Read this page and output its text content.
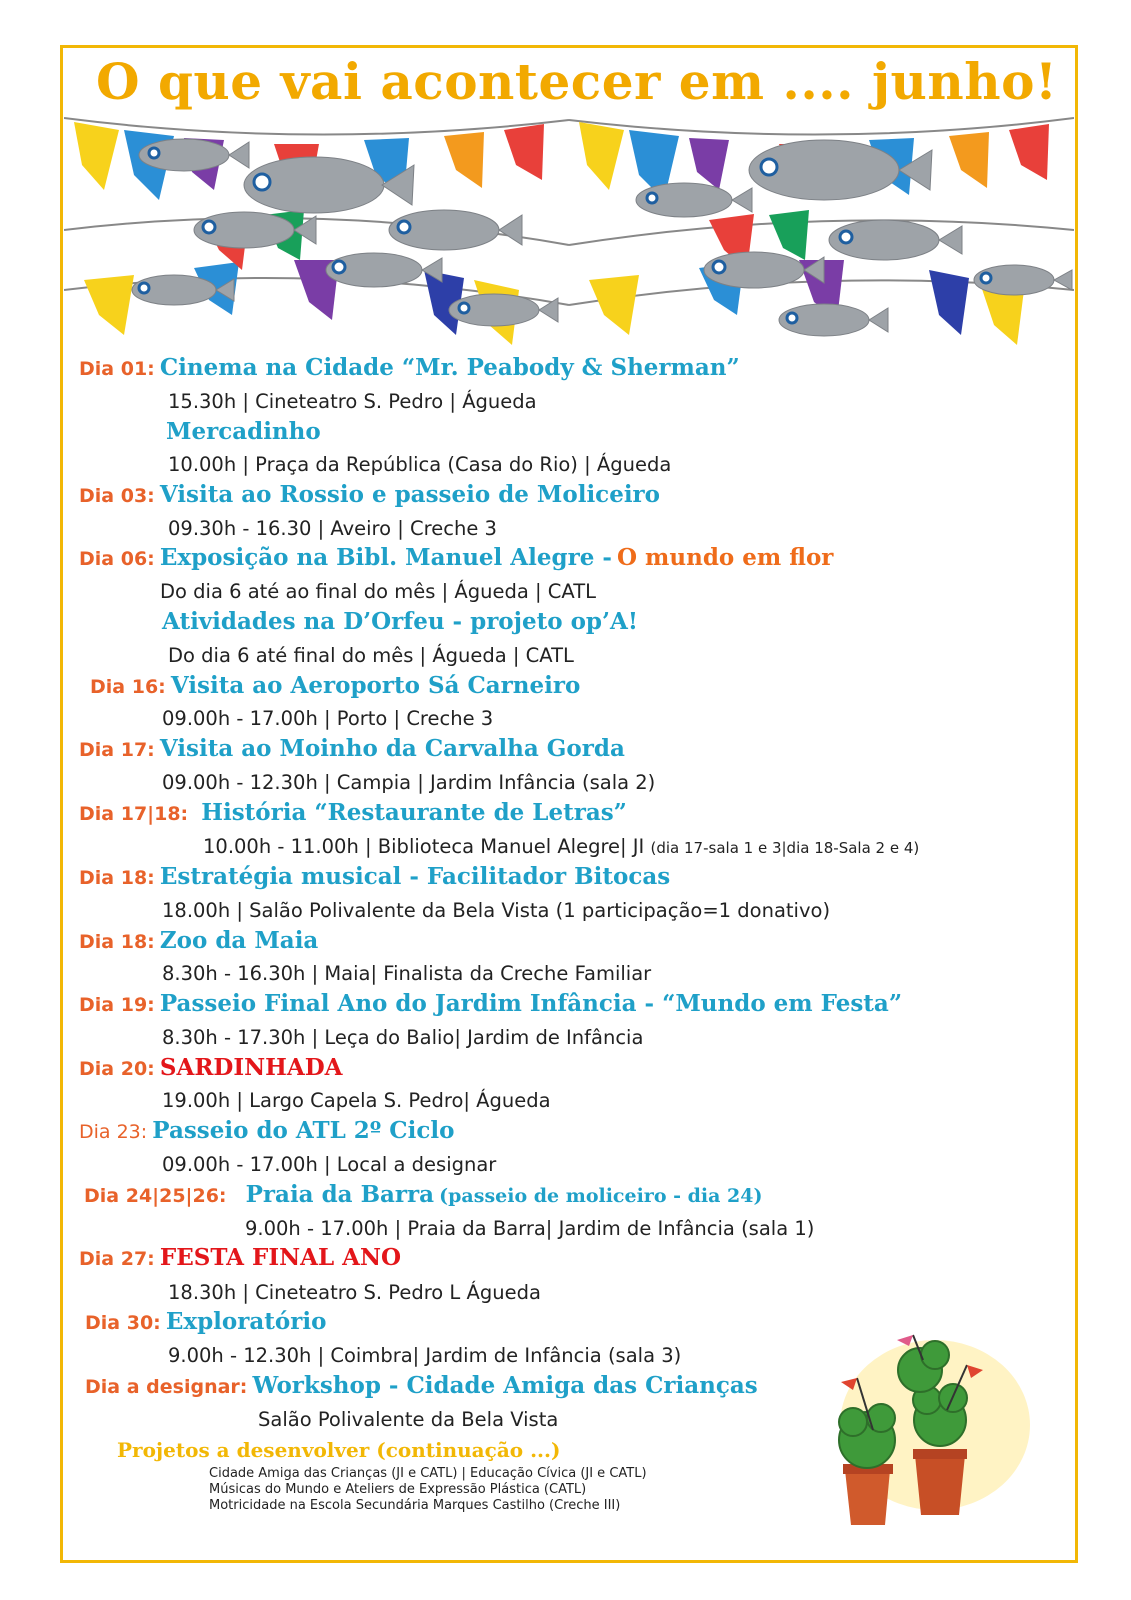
O que vai acontecer em .... junho!
Dia 01: Cinema na Cidade “Mr. Peabody & Sherman”
15.30h | Cineteatro S. Pedro | Águeda
Mercadinho
10.00h | Praça da República (Casa do Rio) | Águeda
Dia 03: Visita ao Rossio e passeio de Moliceiro
09.30h - 16.30 | Aveiro | Creche 3
Dia 06: Exposição na Bibl. Manuel Alegre - O mundo em flor
Do dia 6 até ao final do mês | Águeda | CATL
Atividades na D’Orfeu - projeto op’A!
Do dia 6 até final do mês | Águeda | CATL
Dia 16: Visita ao Aeroporto Sá Carneiro
09.00h - 17.00h | Porto | Creche 3
Dia 17: Visita ao Moinho da Carvalha Gorda
09.00h - 12.30h | Campia | Jardim Infância (sala 2)
Dia 17|18: História “Restaurante de Letras”
10.00h - 11.00h | Biblioteca Manuel Alegre| JI (dia 17-sala 1 e 3|dia 18-Sala 2 e 4)
Dia 18: Estratégia musical - Facilitador Bitocas
18.00h | Salão Polivalente da Bela Vista (1 participação=1 donativo)
Dia 18: Zoo da Maia
8.30h - 16.30h | Maia| Finalista da Creche Familiar
Dia 19: Passeio Final Ano do Jardim Infância - “Mundo em Festa”
8.30h - 17.30h | Leça do Balio| Jardim de Infância
Dia 20: SARDINHADA
19.00h | Largo Capela S. Pedro| Águeda
Dia 23: Passeio do ATL 2º Ciclo
09.00h - 17.00h | Local a designar
Dia 24|25|26: Praia da Barra (passeio de moliceiro - dia 24)
9.00h - 17.00h | Praia da Barra| Jardim de Infância (sala 1)
Dia 27: FESTA FINAL ANO
18.30h | Cineteatro S. Pedro L Águeda
Dia 30: Exploratório
9.00h - 12.30h | Coimbra| Jardim de Infância (sala 3)
Dia a designar: Workshop - Cidade Amiga das Crianças
Salão Polivalente da Bela Vista
Projetos a desenvolver (continuação ...)
Cidade Amiga das Crianças (JI e CATL) | Educação Cívica (JI e CATL)
Músicas do Mundo e Ateliers de Expressão Plástica (CATL)
Motricidade na Escola Secundária Marques Castilho (Creche III)
